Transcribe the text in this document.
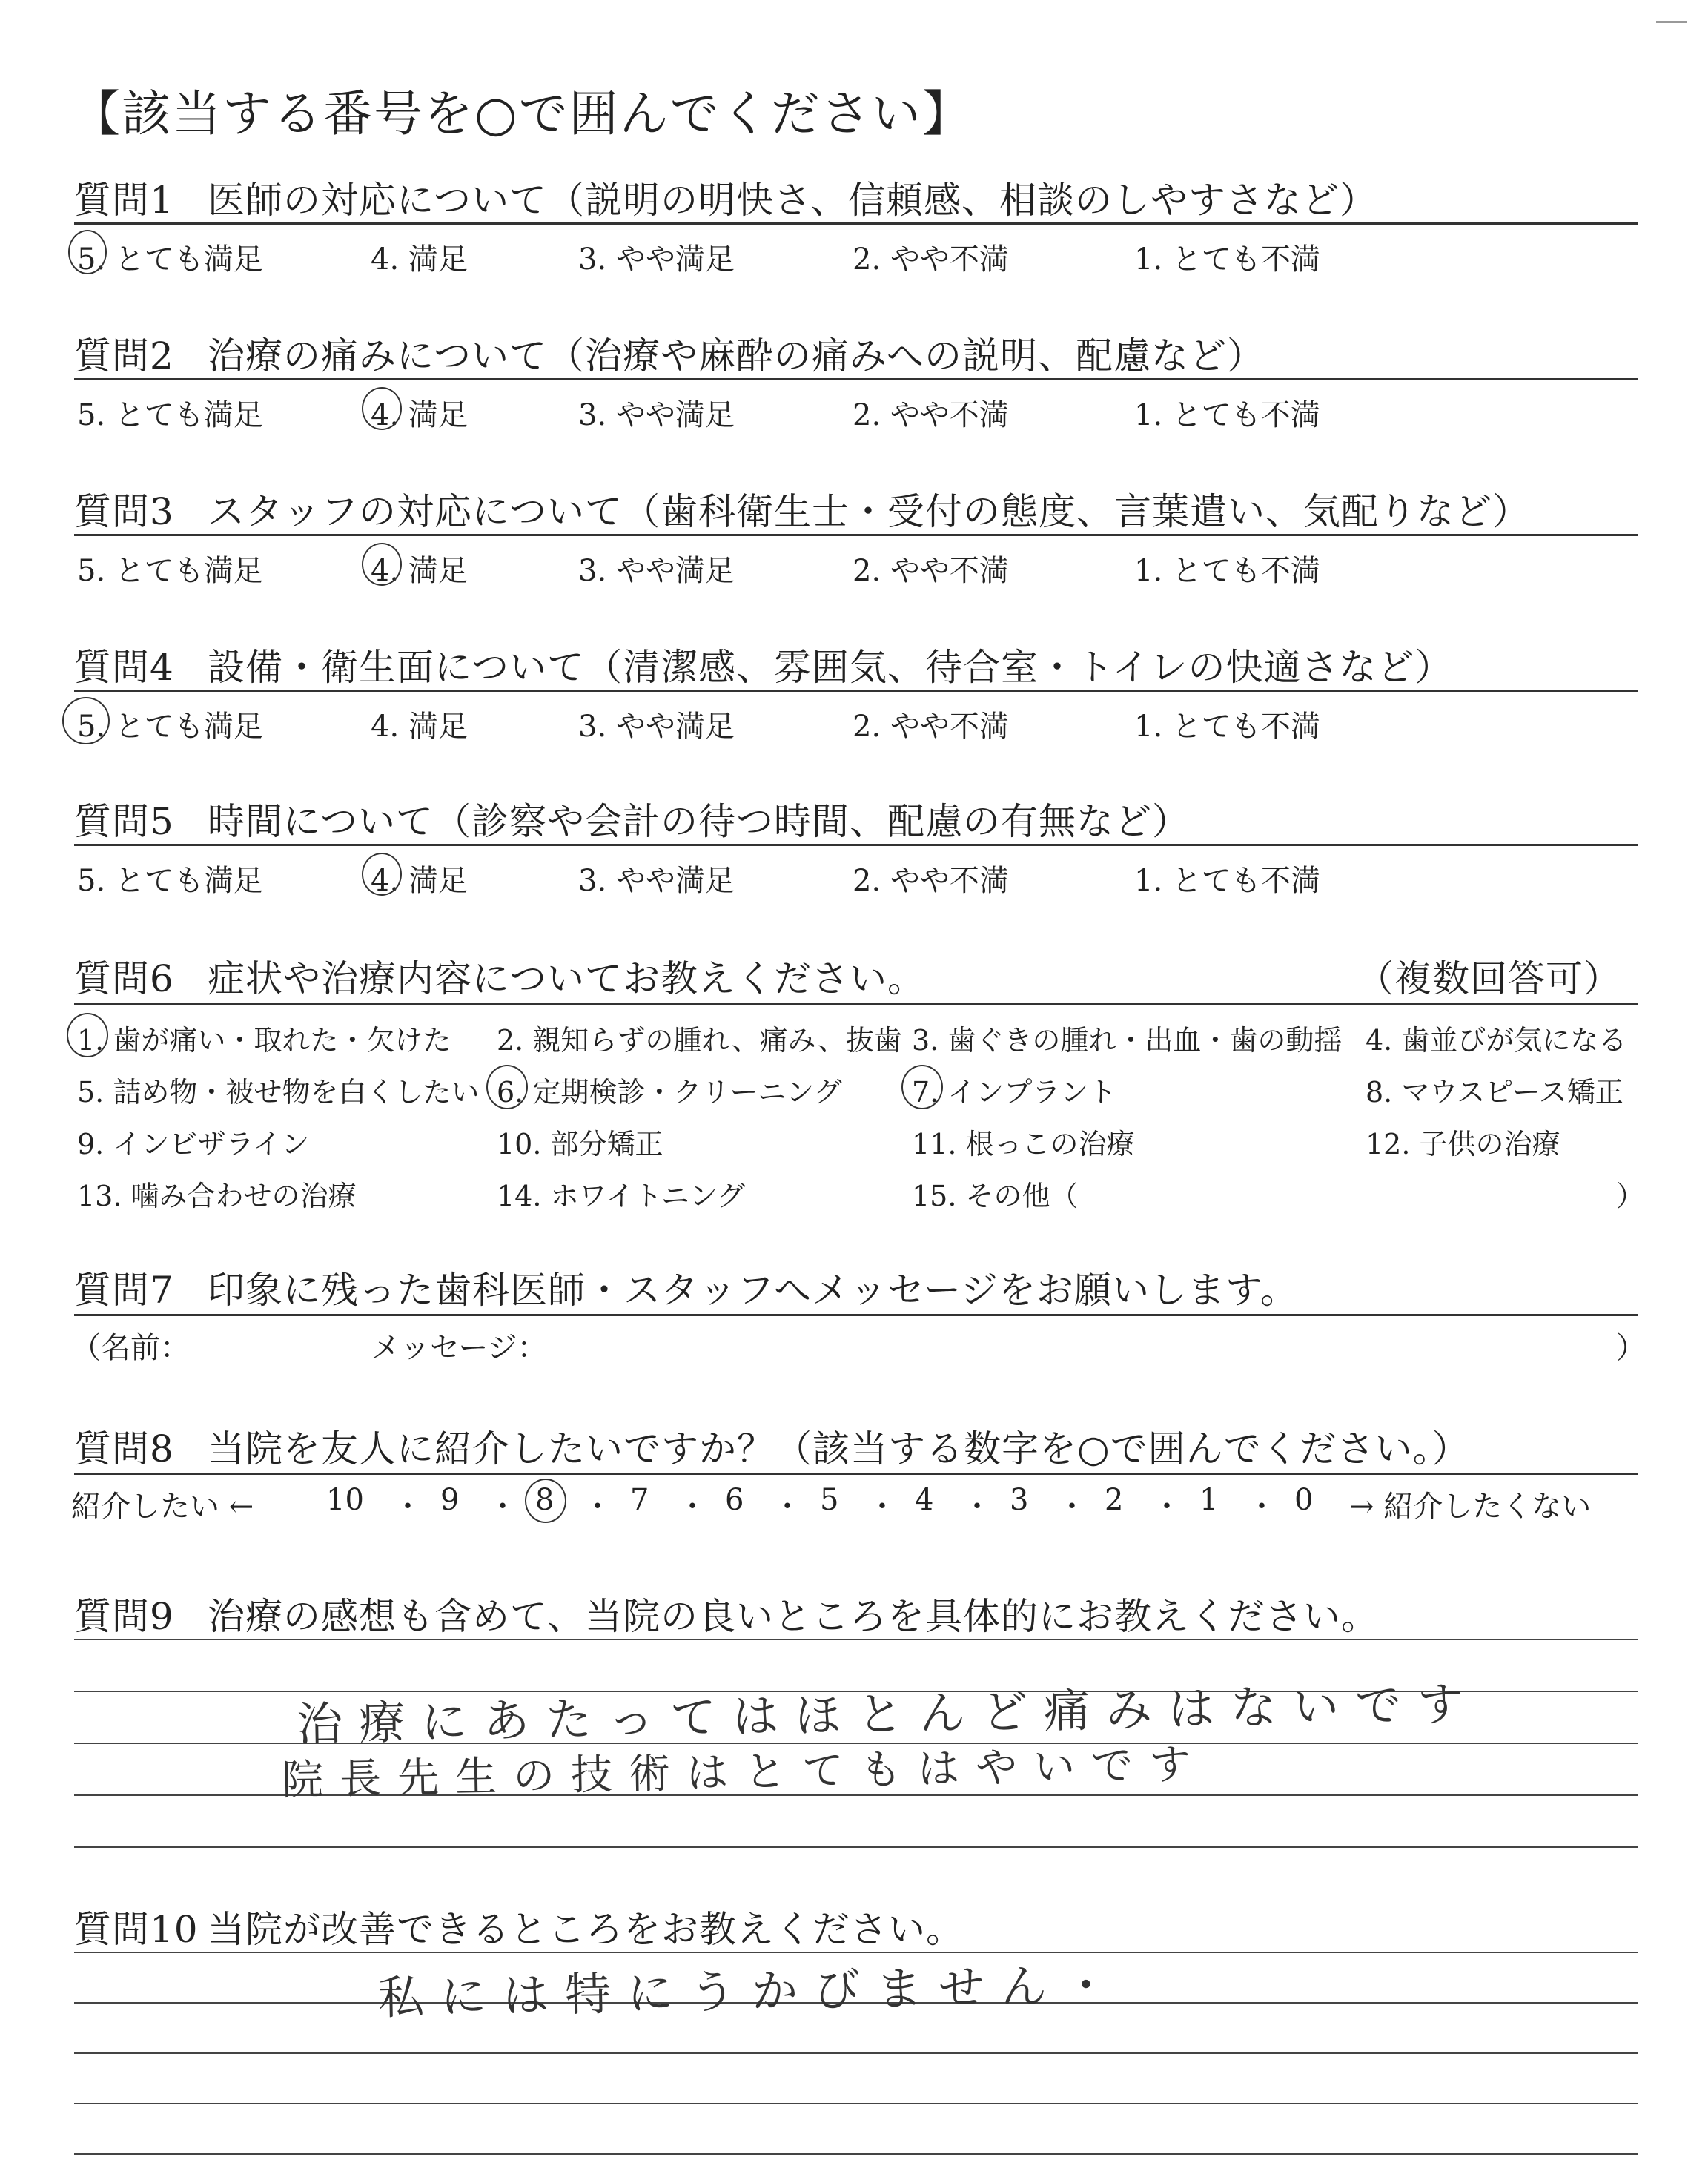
【該当する番号を○で囲んでください】
質問1 医師の対応について（説明の明快さ、信頼感、相談のしやすさなど）
5. とても満足	4. 満足	3. やや満足	2. やや不満	1. とても不満
質問2 治療の痛みについて（治療や麻酔の痛みへの説明、配慮など）
5. とても満足	4. 満足	3. やや満足	2. やや不満	1. とても不満
質問3 スタッフの対応について（歯科衛生士・受付の態度、言葉遣い、気配りなど）
5. とても満足	4. 満足	3. やや満足	2. やや不満	1. とても不満
質問4 設備・衛生面について（清潔感、雰囲気、待合室・トイレの快適さなど）
5. とても満足	4. 満足	3. やや満足	2. やや不満	1. とても不満
質問5 時間について（診察や会計の待つ時間、配慮の有無など）
5. とても満足	4. 満足	3. やや満足	2. やや不満	1. とても不満
質問6 症状や治療内容についてお教えください。	（複数回答可）
1. 歯が痛い・取れた・欠けた 2. 親知らずの腫れ、痛み、抜歯 3. 歯ぐきの腫れ・出血・歯の動揺 4. 歯並びが気になる
5. 詰め物・被せ物を白くしたい 6. 定期検診・クリーニング 7. インプラント	8. マウスピース矯正
9. インビザライン	10. 部分矯正	11. 根っこの治療	12. 子供の治療
13. 噛み合わせの治療	14. ホワイトニング	15. その他（	）
質問7 印象に残った歯科医師・スタッフへメッセージをお願いします。
（名前：	メッセージ：	）
質問8 当院を友人に紹介したいですか？（該当する数字を○で囲んでください。）
紹介したい ←	→ 紹介したくない
10 ・ 9 ・ 8 ・ 7 ・ 6 ・ 5 ・ 4 ・ 3 ・ 2 ・ 1 ・ 0
質問9 治療の感想も含めて、当院の良いところを具体的にお教えください。
治療にあたってはほとんど痛みはないです
院長先生の技術はとてもはやいです
質問10 当院が改善できるところをお教えください。
私には特にうかびません・
